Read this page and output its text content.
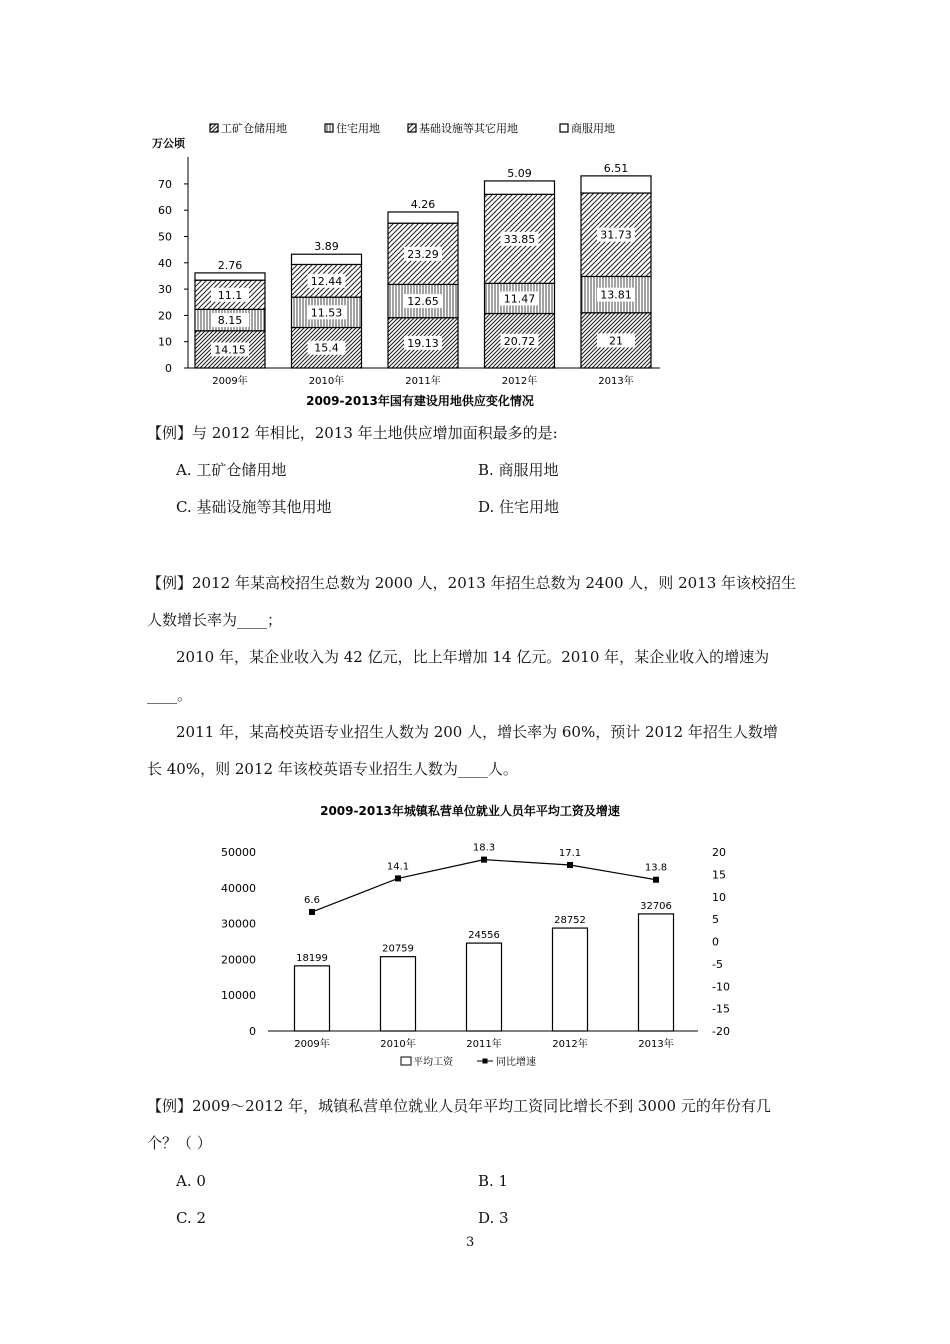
工矿仓储用地	住宅用地	基础设施等其它用地	商服用地
万公顷
0
10
20
30
40
50
60
70
14.15
8.15
11.1
2.76
15.4
11.53
12.44
3.89
19.13
12.65
23.29
4.26
20.72
11.47
33.85
5.09
21
13.81
31.73
6.51
2009年	2010年	2011年	2012年	2013年
2009-2013年国有建设用地供应变化情况
【例】与 2012 年相比，2013 年土地供应增加面积最多的是:
A. 工矿仓储用地	B. 商服用地
C. 基础设施等其他用地	D. 住宅用地
【例】2012 年某高校招生总数为 2000 人，2013 年招生总数为 2400 人，则 2013 年该校招生
人数增长率为____；
2010 年，某企业收入为 42 亿元，比上年增加 14 亿元。2010 年，某企业收入的增速为
____。
2011 年，某高校英语专业招生人数为 200 人，增长率为 60%，预计 2012 年招生人数增
长 40%，则 2012 年该校英语专业招生人数为____人。
2009-2013年城镇私营单位就业人员年平均工资及增速
0
10000
20000
30000
40000
50000
-20
-15
-10
-5
0
5
10
15
20
18199
20759
24556
28752
32706
6.6
14.1
18.3	17.1
13.8
2009年	2010年	2011年	2012年	2013年
平均工资	同比增速
【例】2009～2012 年，城镇私营单位就业人员年平均工资同比增长不到 3000 元的年份有几
个？（ ）
A. 0	B. 1
C. 2	D. 3
3
